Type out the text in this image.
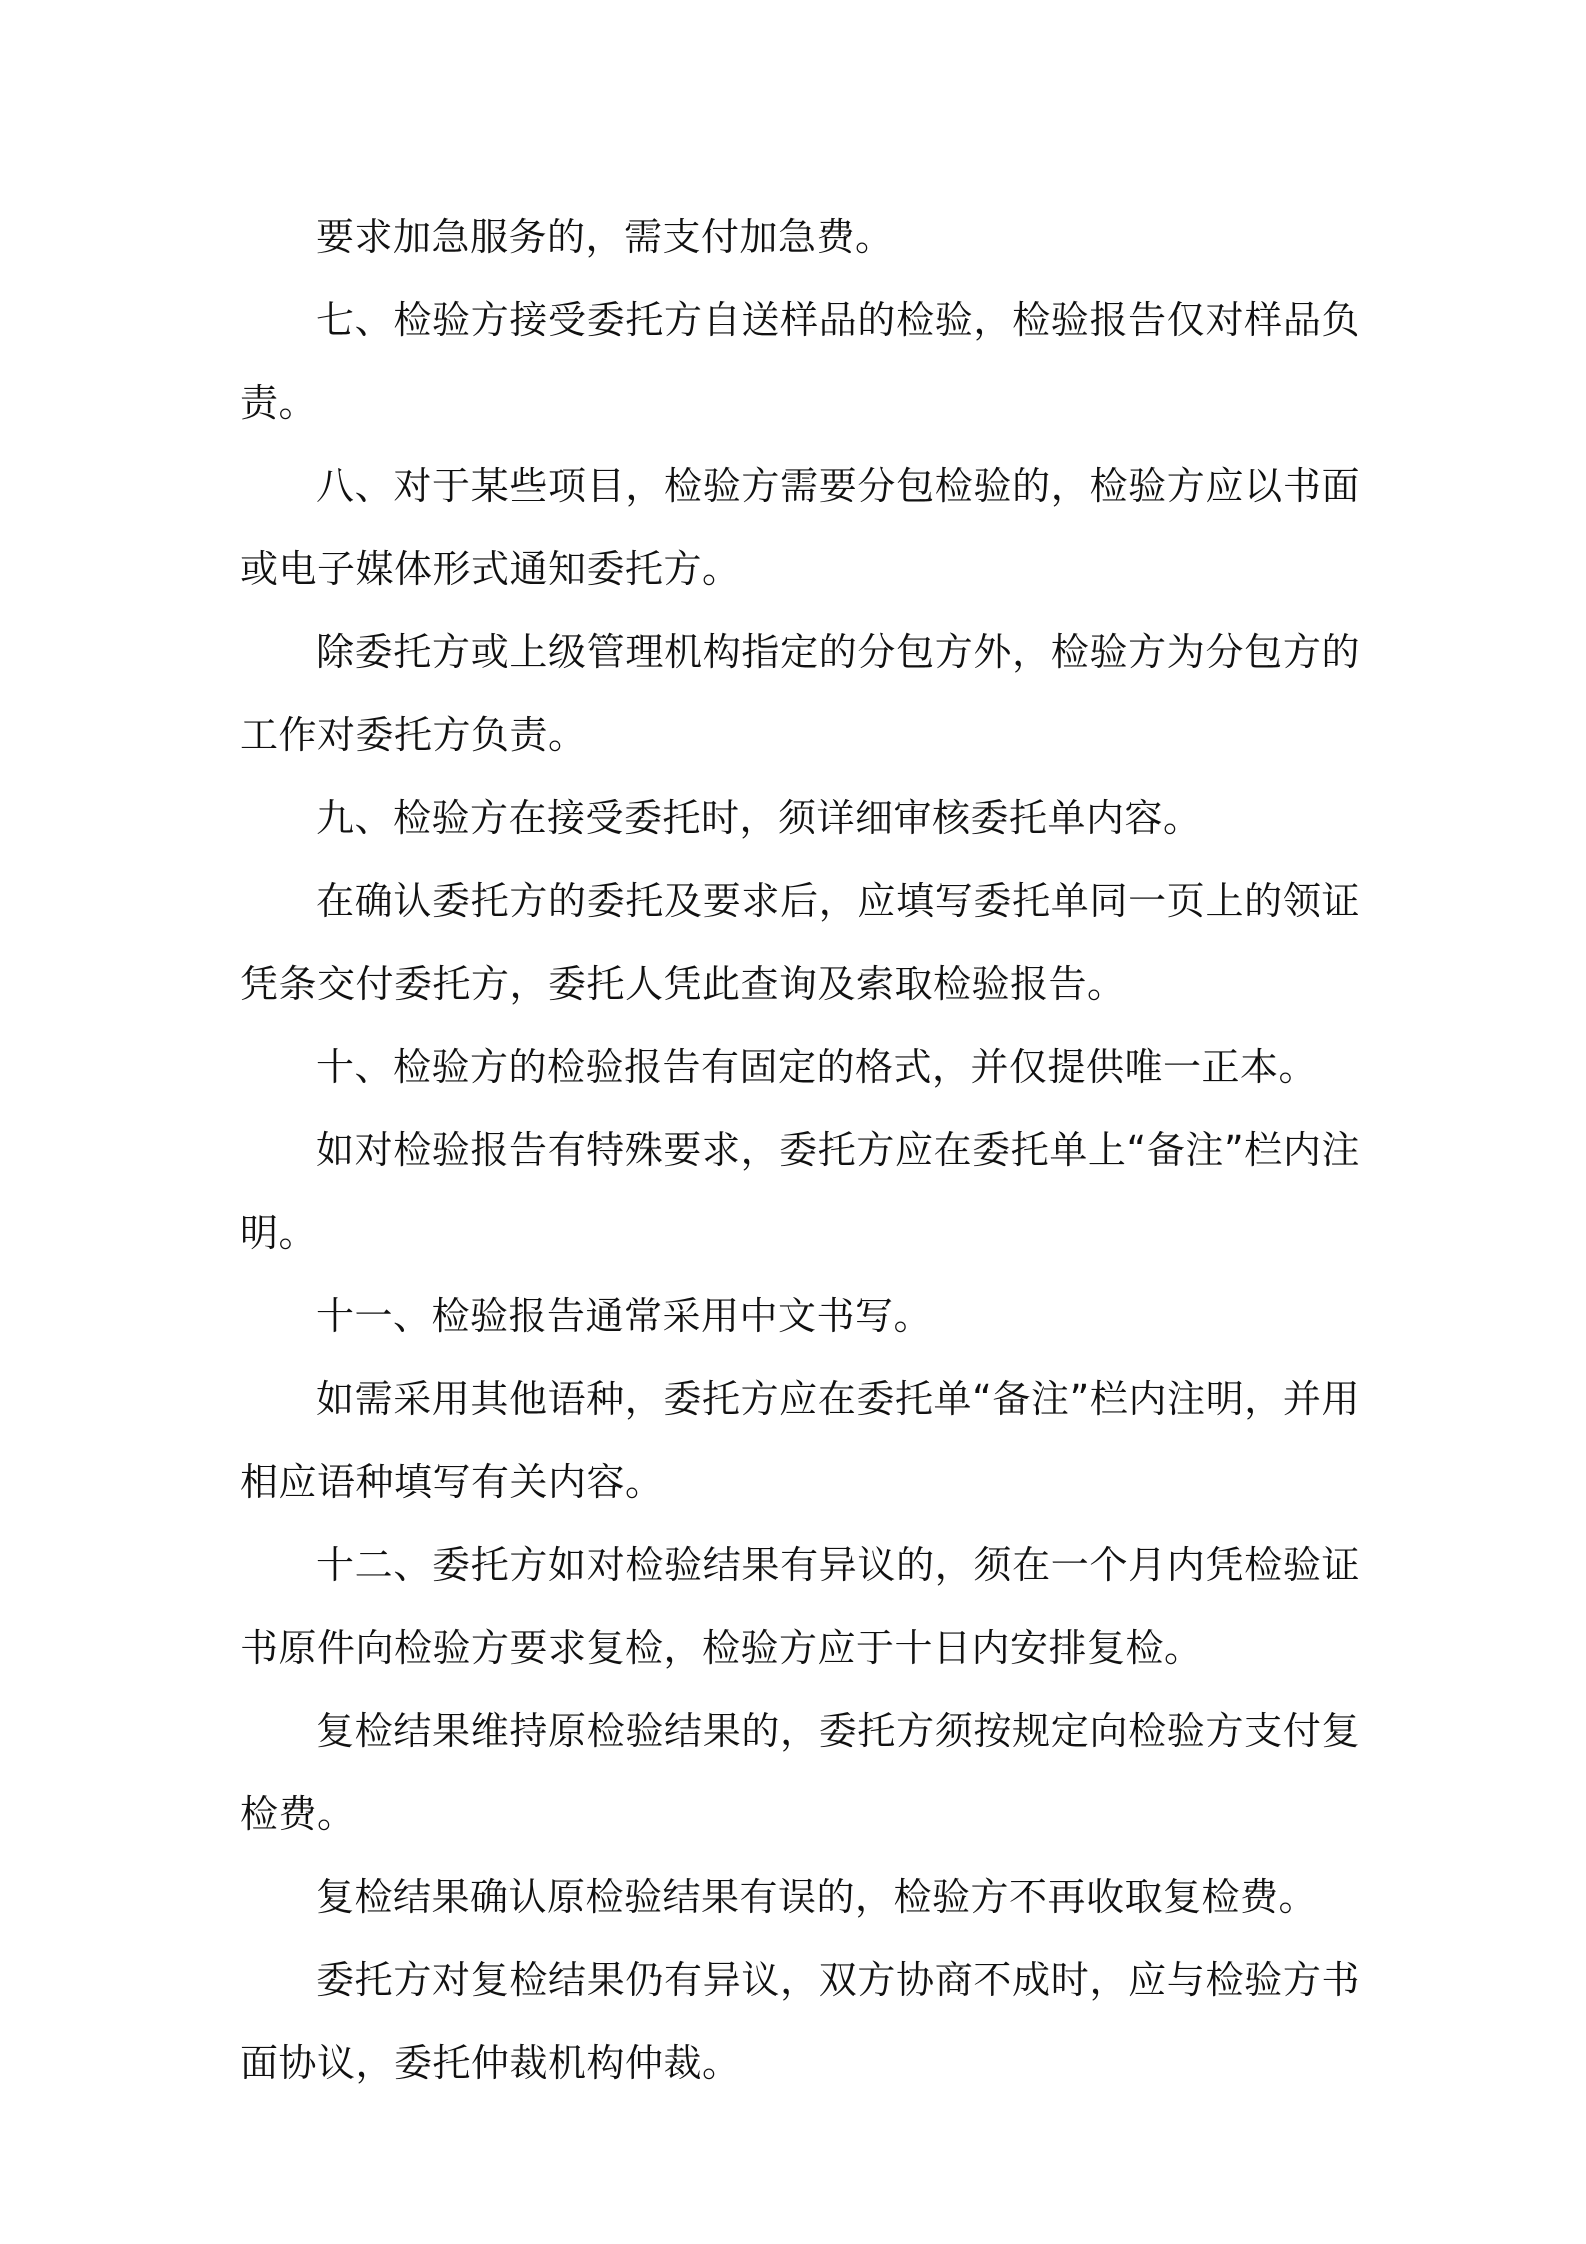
要求加急服务的，需支付加急费。

七、检验方接受委托方自送样品的检验，检验报告仅对样品负责。

八、对于某些项目，检验方需要分包检验的，检验方应以书面或电子媒体形式通知委托方。

除委托方或上级管理机构指定的分包方外，检验方为分包方的工作对委托方负责。

九、检验方在接受委托时，须详细审核委托单内容。

在确认委托方的委托及要求后，应填写委托单同一页上的领证凭条交付委托方，委托人凭此查询及索取检验报告。

十、检验方的检验报告有固定的格式，并仅提供唯一正本。

如对检验报告有特殊要求，委托方应在委托单上“备注”栏内注明。

十一、检验报告通常采用中文书写。

如需采用其他语种，委托方应在委托单“备注”栏内注明，并用相应语种填写有关内容。

十二、委托方如对检验结果有异议的，须在一个月内凭检验证书原件向检验方要求复检，检验方应于十日内安排复检。

复检结果维持原检验结果的，委托方须按规定向检验方支付复检费。

复检结果确认原检验结果有误的，检验方不再收取复检费。

委托方对复检结果仍有异议，双方协商不成时，应与检验方书面协议，委托仲裁机构仲裁。
